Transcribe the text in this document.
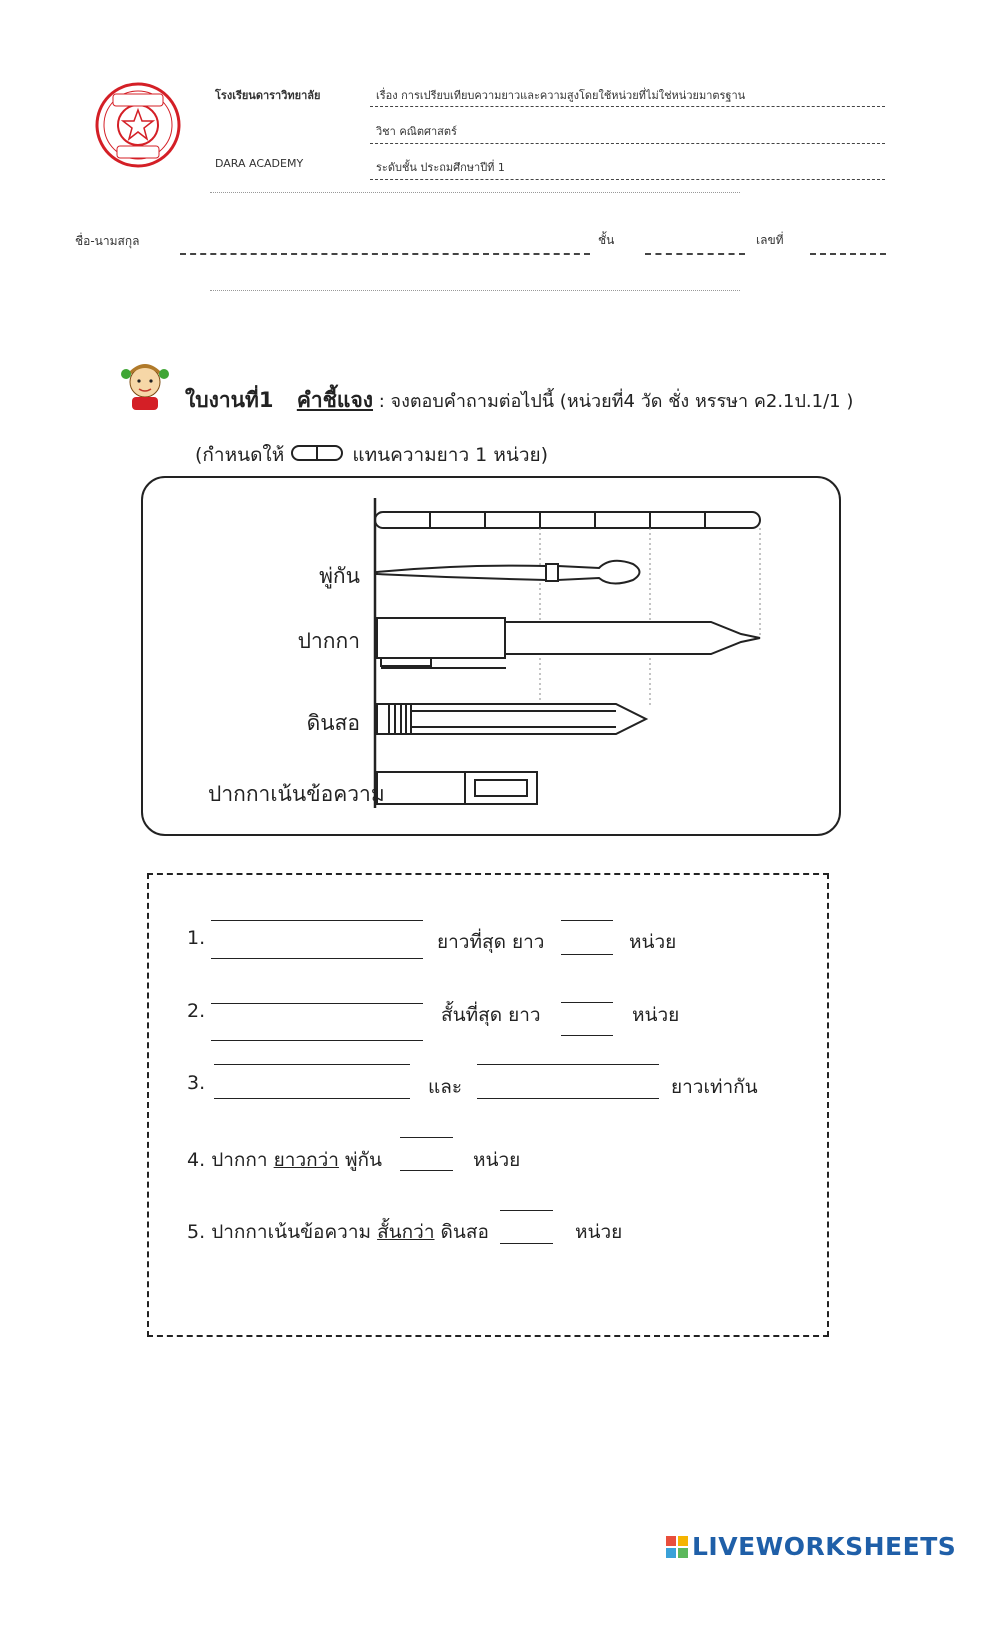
โรงเรียนดาราวิทยาลัย
DARA ACADEMY
เรื่อง การเปรียบเทียบความยาวและความสูงโดยใช้หน่วยที่ไม่ใช่หน่วยมาตรฐาน
วิชา คณิตศาสตร์
ระดับชั้น ประถมศึกษาปีที่ 1
ชื่อ-นามสกุล	ชั้น	เลขที่
ใบงานที่1 คำชี้แจง : จงตอบคำถามต่อไปนี้ (หน่วยที่4 วัด ชั่ง หรรษา ค2.1ป.1/1 )
(กำหนดให้	แทนความยาว 1 หน่วย)
พู่กัน
ปากกา
ดินสอ
ปากกาเน้นข้อความ
1.	ยาวที่สุด ยาว	หน่วย
2.	สั้นที่สุด ยาว	หน่วย
3.	และ	ยาวเท่ากัน
4. ปากกา ยาวกว่า พู่กัน	หน่วย
5. ปากกาเน้นข้อความ สั้นกว่า ดินสอ	หน่วย
LIVEWORKSHEETS
